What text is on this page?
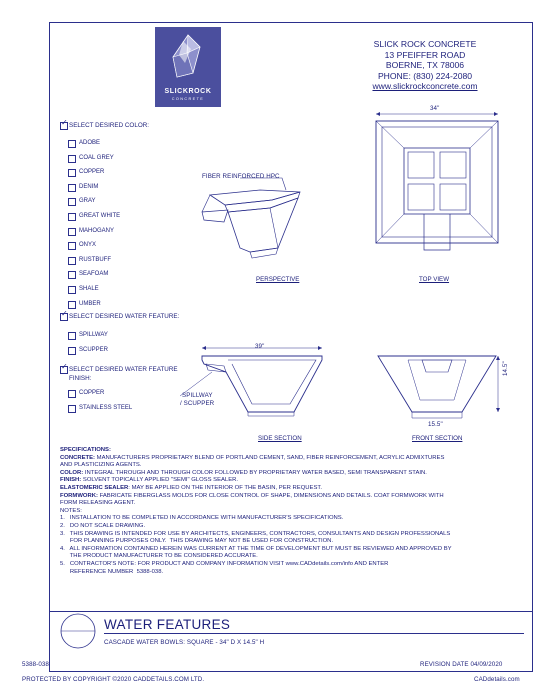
SLICKROCK
CONCRETE
SLICK ROCK CONCRETE
13 PFEIFFER ROAD
BOERNE, TX 78006
PHONE: (830) 224-2080
www.slickrockconcrete.com
✓ SELECT DESIRED COLOR:
ADOBE
COAL GREY
COPPER
DENIM
GRAY
GREAT WHITE
MAHOGANY
ONYX
RUSTBUFF
SEAFOAM
SHALE
UMBER
✓ SELECT DESIRED WATER FEATURE:
SPILLWAY
SCUPPER
✓ SELECT DESIRED WATER FEATURE
FINISH:
COPPER
STAINLESS STEEL
FIBER REINFORCED HPC
PERSPECTIVE
34"
TOP VIEW
39"
SPILLWAY
/ SCUPPER
SIDE SECTION
14.5"
15.5"
FRONT SECTION
SPECIFICATIONS:
CONCRETE: MANUFACTURERS PROPRIETARY BLEND OF PORTLAND CEMENT, SAND, FIBER REINFORCEMENT, ACRYLIC ADMIXTURES
AND PLASTICIZING AGENTS.
COLOR: INTEGRAL THROUGH AND THROUGH COLOR FOLLOWED BY PROPRIETARY WATER BASED, SEMI TRANSPARENT STAIN.
FINISH: SOLVENT TOPICALLY APPLIED "SEMI" GLOSS SEALER.
ELASTOMERIC SEALER: MAY BE APPLIED ON THE INTERIOR OF THE BASIN, PER REQUEST.
FORMWORK: FABRICATE FIBERGLASS MOLDS FOR CLOSE CONTROL OF SHAPE, DIMENSIONS AND DETAILS. COAT FORMWORK WITH
FORM RELEASING AGENT.
NOTES:
1.   INSTALLATION TO BE COMPLETED IN ACCORDANCE WITH MANUFACTURER'S SPECIFICATIONS.
2.   DO NOT SCALE DRAWING.
3.   THIS DRAWING IS INTENDED FOR USE BY ARCHITECTS, ENGINEERS, CONTRACTORS, CONSULTANTS AND DESIGN PROFESSIONALS
FOR PLANNING PURPOSES ONLY.  THIS DRAWING MAY NOT BE USED FOR CONSTRUCTION.
4.   ALL INFORMATION CONTAINED HEREIN WAS CURRENT AT THE TIME OF DEVELOPMENT BUT MUST BE REVIEWED AND APPROVED BY
THE PRODUCT MANUFACTURER TO BE CONSIDERED ACCURATE.
5.   CONTRACTOR'S NOTE: FOR PRODUCT AND COMPANY INFORMATION VISIT www.CADdetails.com/info AND ENTER
REFERENCE NUMBER  5388-038.
WATER FEATURES
CASCADE WATER BOWLS: SQUARE - 34" D X 14.5" H
5388-038	REVISION DATE 04/09/2020
PROTECTED BY COPYRIGHT ©2020 CADDETAILS.COM LTD.	CADdetails.com
